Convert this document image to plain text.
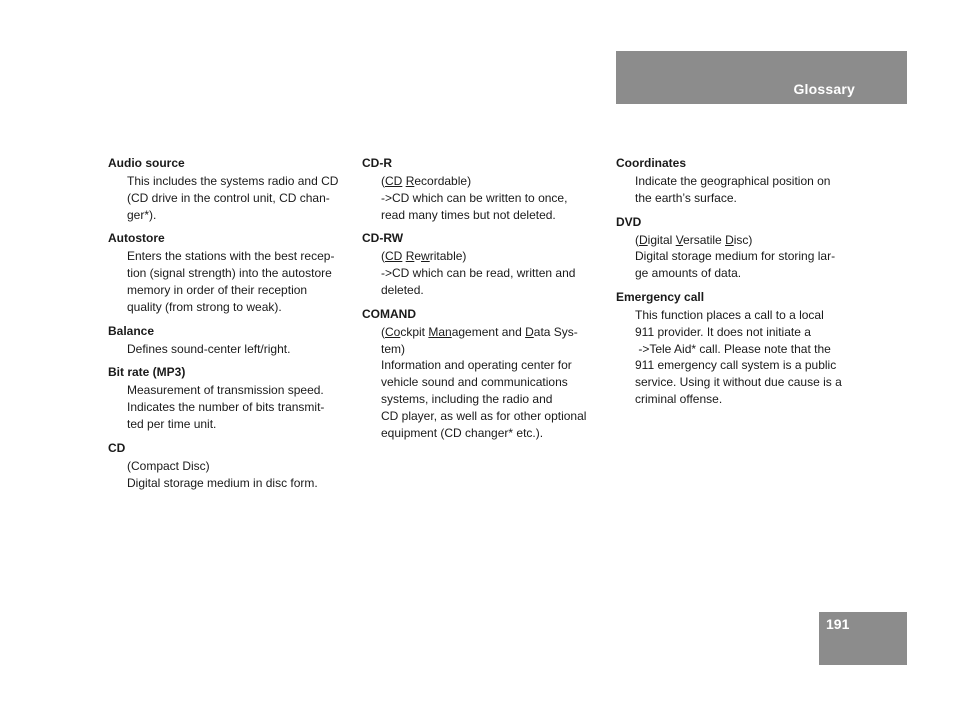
Glossary
Audio source
This includes the systems radio and CD
(CD drive in the control unit, CD chan-
ger*).
Autostore
Enters the stations with the best recep-
tion (signal strength) into the autostore
memory in order of their reception
quality (from strong to weak).
Balance
Defines sound-center left/right.
Bit rate (MP3)
Measurement of transmission speed.
Indicates the number of bits transmit-
ted per time unit.
CD
(Compact Disc)
Digital storage medium in disc form.
CD-R
(CD Recordable)
->CD which can be written to once,
read many times but not deleted.
CD-RW
(CD Rewritable)
->CD which can be read, written and
deleted.
COMAND
(Cockpit Management and Data Sys-
tem)
Information and operating center for
vehicle sound and communications
systems, including the radio and
CD player, as well as for other optional
equipment (CD changer* etc.).
Coordinates
Indicate the geographical position on
the earth’s surface.
DVD
(Digital Versatile Disc)
Digital storage medium for storing lar-
ge amounts of data.
Emergency call
This function places a call to a local
911 provider. It does not initiate a
->Tele Aid* call. Please note that the
911 emergency call system is a public
service. Using it without due cause is a
criminal offense.
191
